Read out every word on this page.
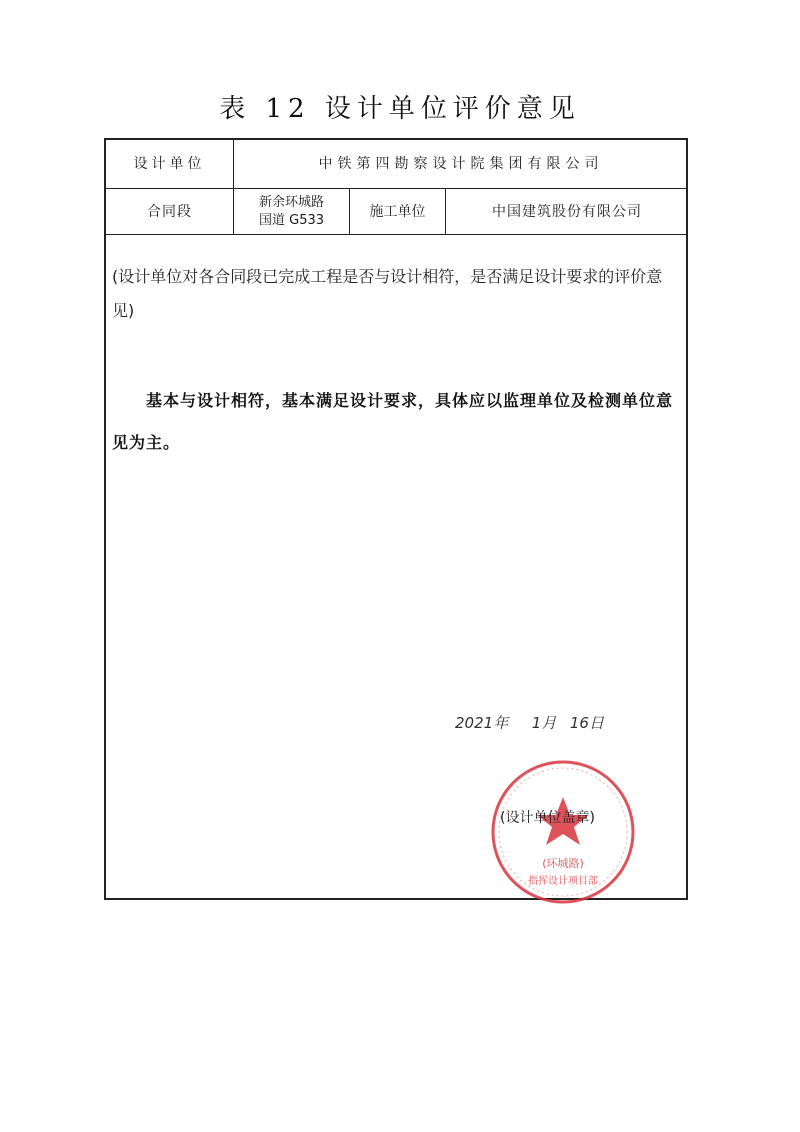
表 12 设计单位评价意见
设计单位	中铁第四勘察设计院集团有限公司
合同段
新余环城路
国道 G533
施工单位	中国建筑股份有限公司
(设计单位对各合同段已完成工程是否与设计相符，是否满足设计要求的评价意见)
基本与设计相符，基本满足设计要求，具体应以监理单位及检测单位意见为主。
2021年 1月 16日
(环城路)
指挥设计项目部
(设计单位盖章)
